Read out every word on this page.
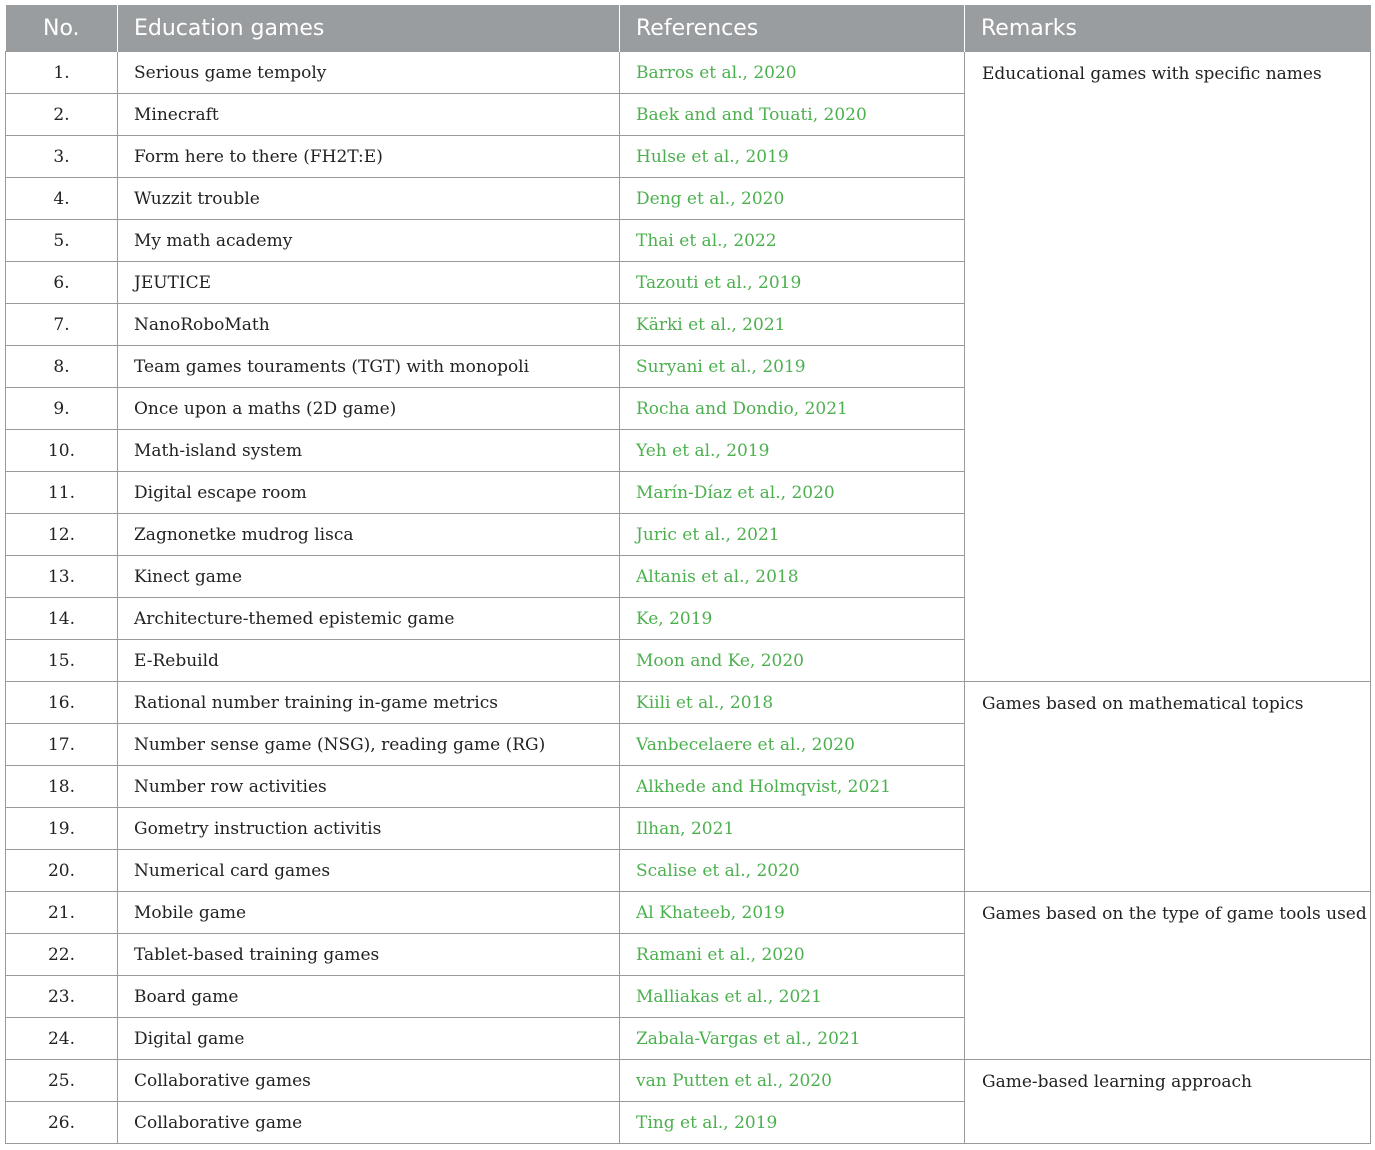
No.	Education games	References	Remarks
1.	Serious game tempoly	Barros et al., 2020	Educational games with specific names
2.	Minecraft	Baek and and Touati, 2020	
3.	Form here to there (FH2T:E)	Hulse et al., 2019	
4.	Wuzzit trouble	Deng et al., 2020	
5.	My math academy	Thai et al., 2022	
6.	JEUTICE	Tazouti et al., 2019	
7.	NanoRoboMath	Kärki et al., 2021	
8.	Team games touraments (TGT) with monopoli	Suryani et al., 2019	
9.	Once upon a maths (2D game)	Rocha and Dondio, 2021	
10.	Math-island system	Yeh et al., 2019	
11.	Digital escape room	Marín-Díaz et al., 2020	
12.	Zagnonetke mudrog lisca	Juric et al., 2021	
13.	Kinect game	Altanis et al., 2018	
14.	Architecture-themed epistemic game	Ke, 2019	
15.	E-Rebuild	Moon and Ke, 2020	
16.	Rational number training in-game metrics	Kiili et al., 2018	Games based on mathematical topics
17.	Number sense game (NSG), reading game (RG)	Vanbecelaere et al., 2020	
18.	Number row activities	Alkhede and Holmqvist, 2021	
19.	Gometry instruction activitis	Ilhan, 2021	
20.	Numerical card games	Scalise et al., 2020	
21.	Mobile game	Al Khateeb, 2019	Games based on the type of game tools used
22.	Tablet-based training games	Ramani et al., 2020	
23.	Board game	Malliakas et al., 2021	
24.	Digital game	Zabala-Vargas et al., 2021	
25.	Collaborative games	van Putten et al., 2020	Game-based learning approach
26.	Collaborative game	Ting et al., 2019	
